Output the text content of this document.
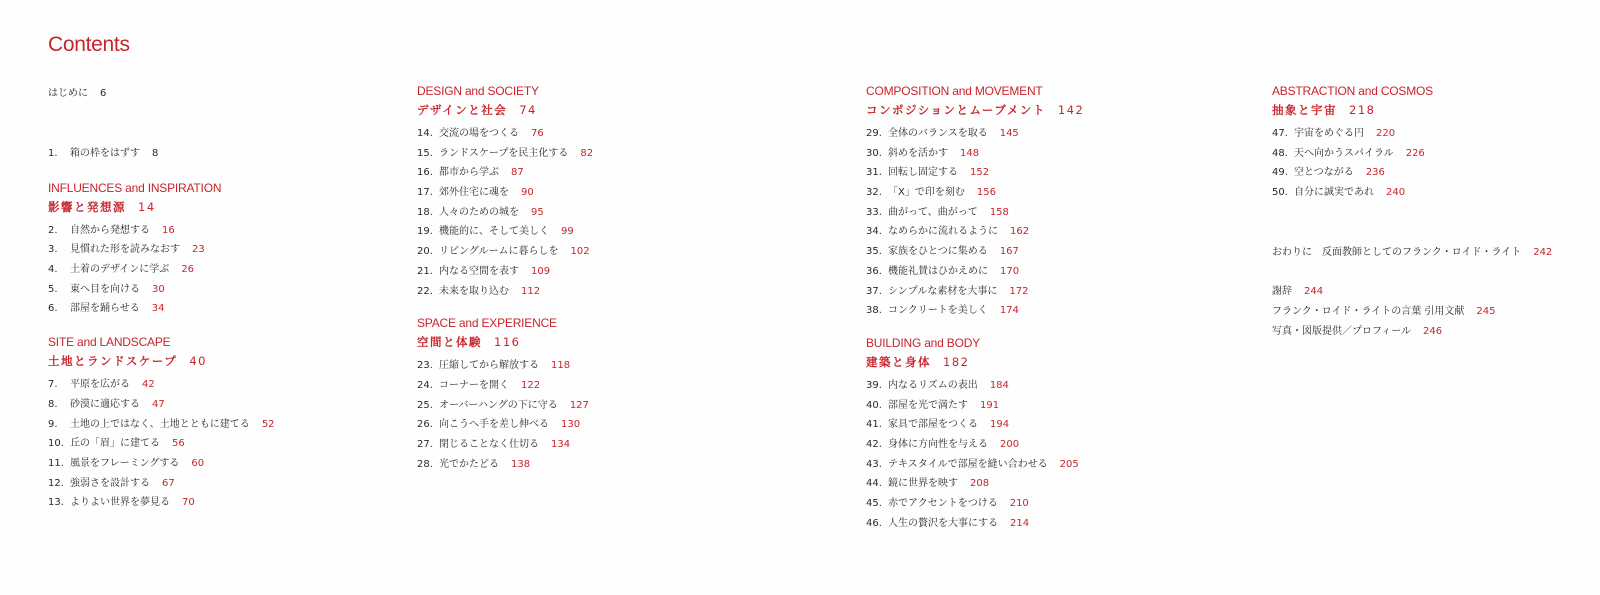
Contents
はじめに 6
1. 箱の枠をはずす 8
INFLUENCES and INSPIRATION
影響と発想源 14
2. 自然から発想する 16
3. 見慣れた形を読みなおす 23
4. 土着のデザインに学ぶ 26
5. 東へ目を向ける 30
6. 部屋を踊らせる 34
SITE and LANDSCAPE
土地とランドスケープ 40
7. 平原を広がる 42
8. 砂漠に適応する 47
9. 土地の上ではなく、土地とともに建てる 52
10. 丘の「眉」に建てる 56
11. 風景をフレーミングする 60
12. 強弱さを設計する 67
13. よりよい世界を夢見る 70
DESIGN and SOCIETY
デザインと社会 74
14. 交流の場をつくる 76
15. ランドスケープを民主化する 82
16. 都市から学ぶ 87
17. 郊外住宅に魂を 90
18. 人々のための城を 95
19. 機能的に、そして美しく 99
20. リビングルームに暮らしを 102
21. 内なる空間を表す 109
22. 未来を取り込む 112
SPACE and EXPERIENCE
空間と体験 116
23. 圧縮してから解放する 118
24. コーナーを開く 122
25. オーバーハングの下に守る 127
26. 向こうへ手を差し伸べる 130
27. 閉じることなく仕切る 134
28. 光でかたどる 138
COMPOSITION and MOVEMENT
コンポジションとムーブメント 142
29. 全体のバランスを取る 145
30. 斜めを活かす 148
31. 回転し固定する 152
32. 「X」で印を刻む 156
33. 曲がって、曲がって 158
34. なめらかに流れるように 162
35. 家族をひとつに集める 167
36. 機能礼賛はひかえめに 170
37. シンプルな素材を大事に 172
38. コンクリートを美しく 174
BUILDING and BODY
建築と身体 182
39. 内なるリズムの表出 184
40. 部屋を光で満たす 191
41. 家具で部屋をつくる 194
42. 身体に方向性を与える 200
43. テキスタイルで部屋を縫い合わせる 205
44. 鏡に世界を映す 208
45. 赤でアクセントをつける 210
46. 人生の贅沢を大事にする 214
ABSTRACTION and COSMOS
抽象と宇宙 218
47. 宇宙をめぐる円 220
48. 天へ向かうスパイラル 226
49. 空とつながる 236
50. 自分に誠実であれ 240
おわりに　反面教師としてのフランク・ロイド・ライト 242
謝辞 244
フランク・ロイド・ライトの言葉 引用文献 245
写真・図版提供／プロフィール 246
